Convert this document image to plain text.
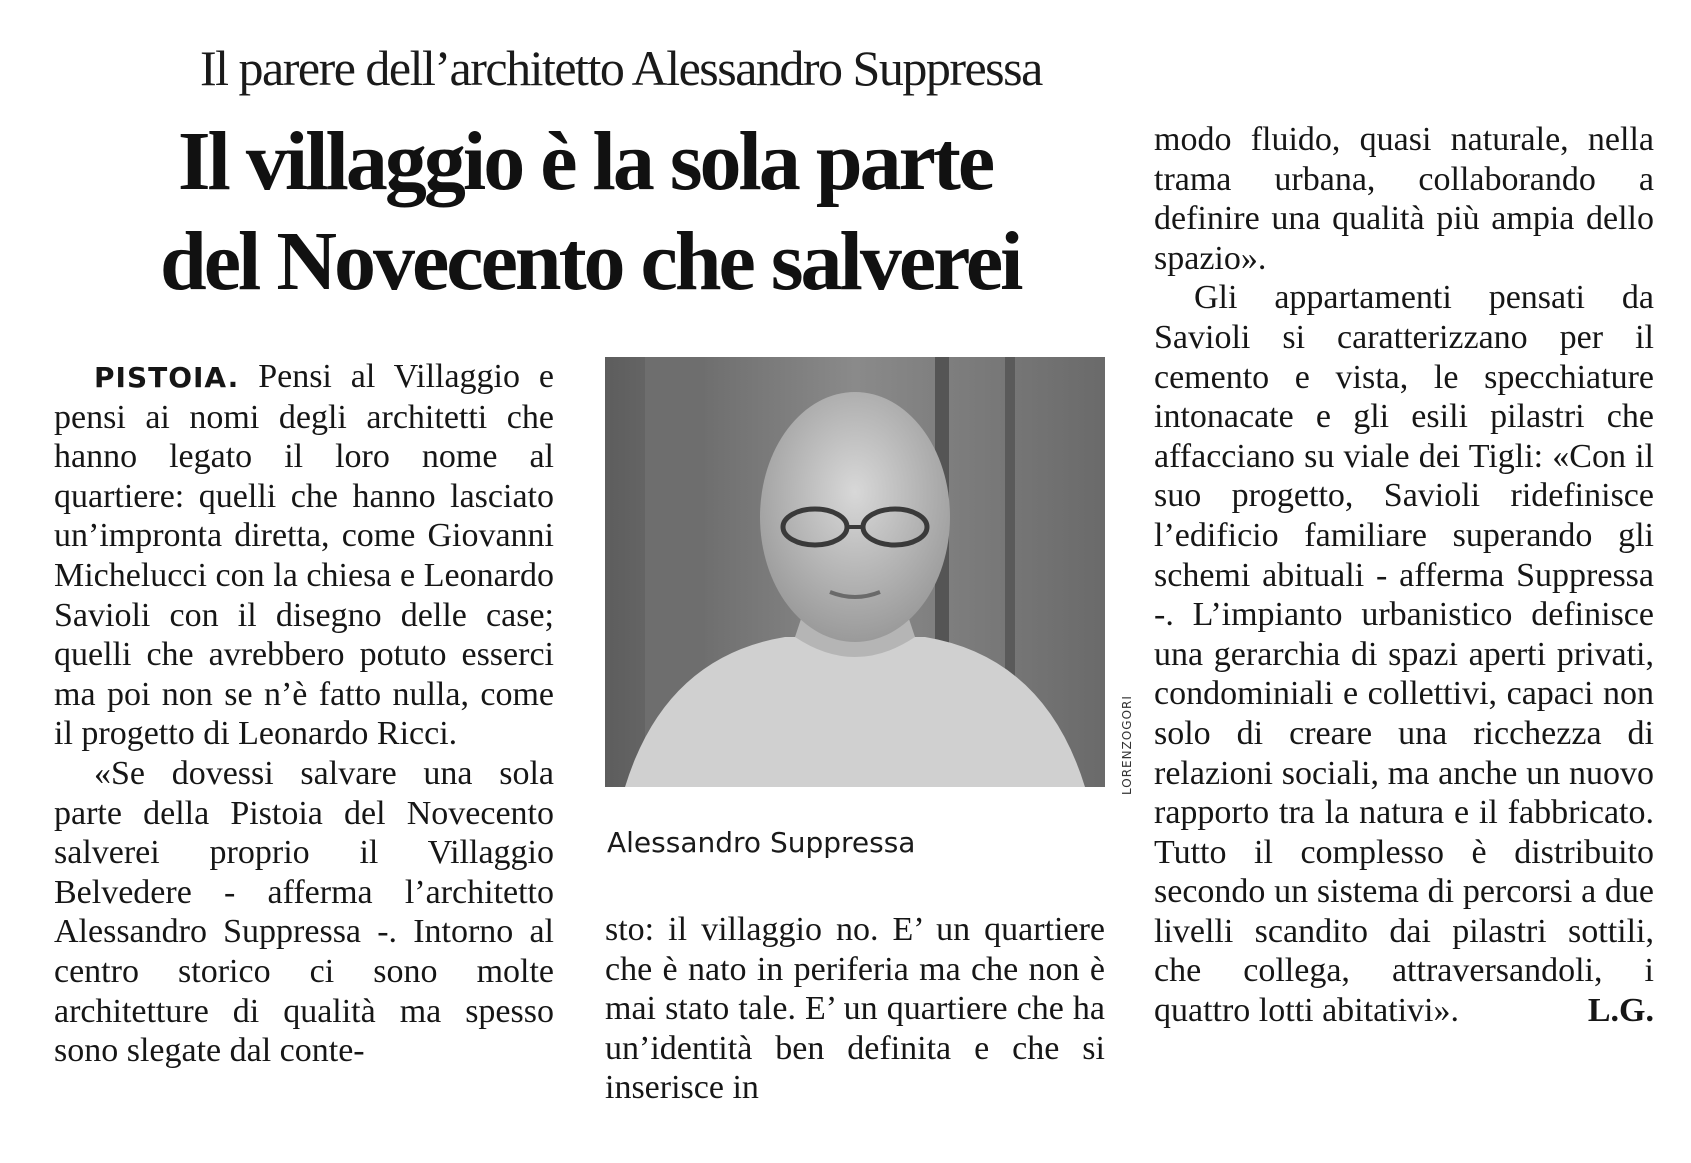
Il parere dell’architetto Alessandro Suppressa
Il villaggio è la sola parte
del Novecento che salverei

PISTOIA. Pensi al Villaggio e pensi ai nomi degli architetti che hanno legato il loro nome al quartiere: quelli che hanno lasciato un’impronta diretta, come Giovanni Michelucci con la chiesa e Leonardo Savioli con il disegno delle case; quelli che avrebbero potuto esserci ma poi non se n’è fatto nulla, come il progetto di Leonardo Ricci.

«Se dovessi salvare una sola parte della Pistoia del Novecento salverei proprio il Villaggio Belvedere - afferma l’architetto Alessandro Suppressa -. Intorno al centro storico ci sono molte architetture di qualità ma spesso sono slegate dal conte-

LORENZOGORI
Alessandro Suppressa

sto: il villaggio no. E’ un quartiere che è nato in periferia ma che non è mai stato tale. E’ un quartiere che ha un’identità ben definita e che si inserisce in

modo fluido, quasi naturale, nella trama urbana, collaborando a definire una qualità più ampia dello spazio».

Gli appartamenti pensati da Savioli si caratterizzano per il cemento e vista, le specchiature intonacate e gli esili pilastri che affacciano su viale dei Tigli: «Con il suo progetto, Savioli ridefinisce l’edificio familiare superando gli schemi abituali - afferma Suppressa -. L’impianto urbanistico definisce una gerarchia di spazi aperti privati, condominiali e collettivi, capaci non solo di creare una ricchezza di relazioni sociali, ma anche un nuovo rapporto tra la natura e il fabbricato. Tutto il complesso è distribuito secondo un sistema di percorsi a due livelli scandito dai pilastri sottili, che collega, attraversandoli, i quattro lotti abitativi».	L.G.
